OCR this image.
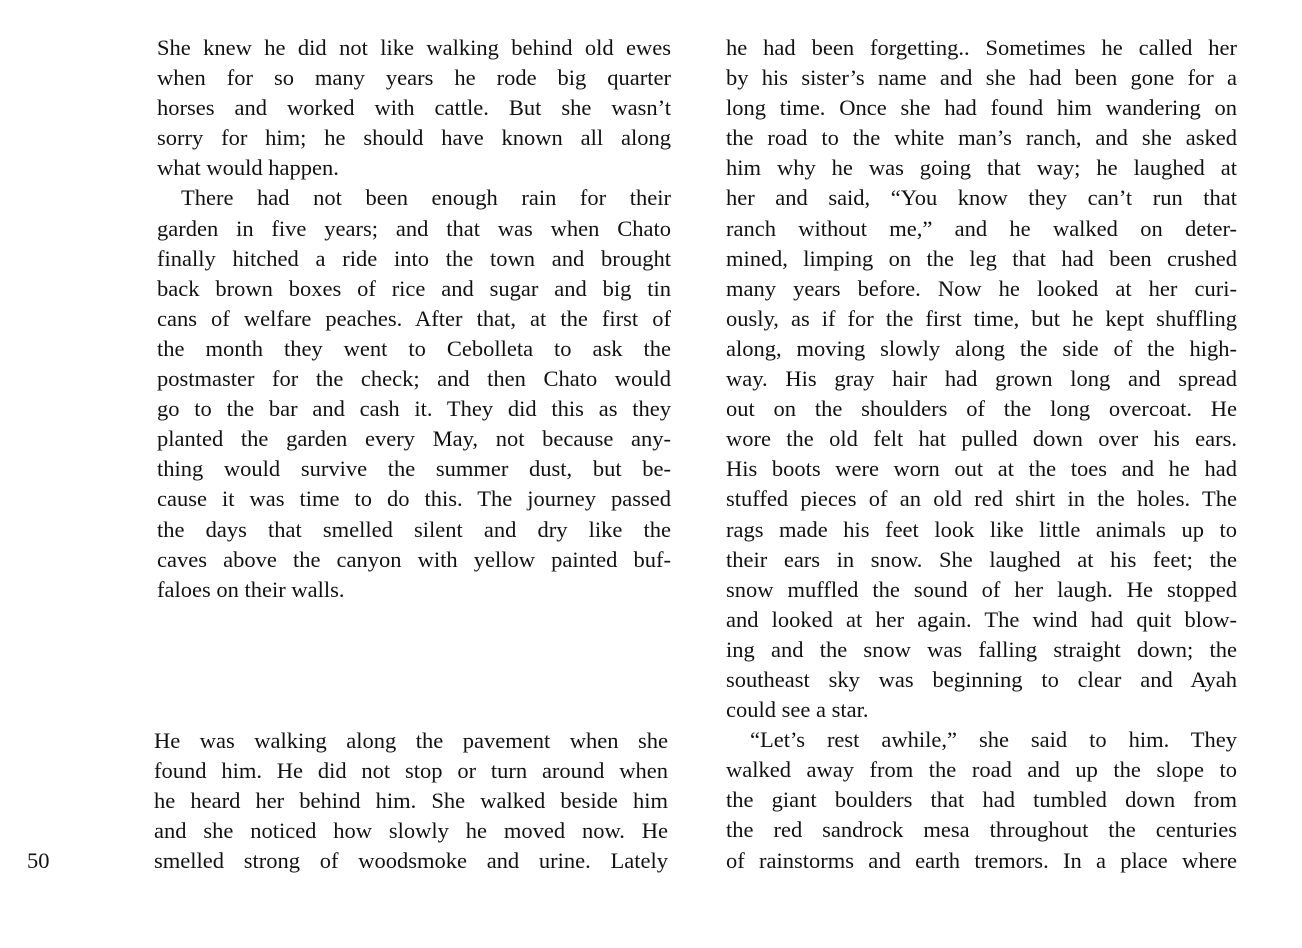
She knew he did not like walking behind old ewes
when for so many years he rode big quarter
horses and worked with cattle. But she wasn’t
sorry for him; he should have known all along
what would happen.
There had not been enough rain for their
garden in five years; and that was when Chato
finally hitched a ride into the town and brought
back brown boxes of rice and sugar and big tin
cans of welfare peaches. After that, at the first of
the month they went to Cebolleta to ask the
postmaster for the check; and then Chato would
go to the bar and cash it. They did this as they
planted the garden every May, not because any-
thing would survive the summer dust, but be-
cause it was time to do this. The journey passed
the days that smelled silent and dry like the
caves above the canyon with yellow painted buf-
faloes on their walls.
He was walking along the pavement when she
found him. He did not stop or turn around when
he heard her behind him. She walked beside him
and she noticed how slowly he moved now. He
smelled strong of woodsmoke and urine. Lately
he had been forgetting.. Sometimes he called her
by his sister’s name and she had been gone for a
long time. Once she had found him wandering on
the road to the white man’s ranch, and she asked
him why he was going that way; he laughed at
her and said, “You know they can’t run that
ranch without me,” and he walked on deter-
mined, limping on the leg that had been crushed
many years before. Now he looked at her curi-
ously, as if for the first time, but he kept shuffling
along, moving slowly along the side of the high-
way. His gray hair had grown long and spread
out on the shoulders of the long overcoat. He
wore the old felt hat pulled down over his ears.
His boots were worn out at the toes and he had
stuffed pieces of an old red shirt in the holes. The
rags made his feet look like little animals up to
their ears in snow. She laughed at his feet; the
snow muffled the sound of her laugh. He stopped
and looked at her again. The wind had quit blow-
ing and the snow was falling straight down; the
southeast sky was beginning to clear and Ayah
could see a star.
“Let’s rest awhile,” she said to him. They
walked away from the road and up the slope to
the giant boulders that had tumbled down from
the red sandrock mesa throughout the centuries
of rainstorms and earth tremors. In a place where
50
